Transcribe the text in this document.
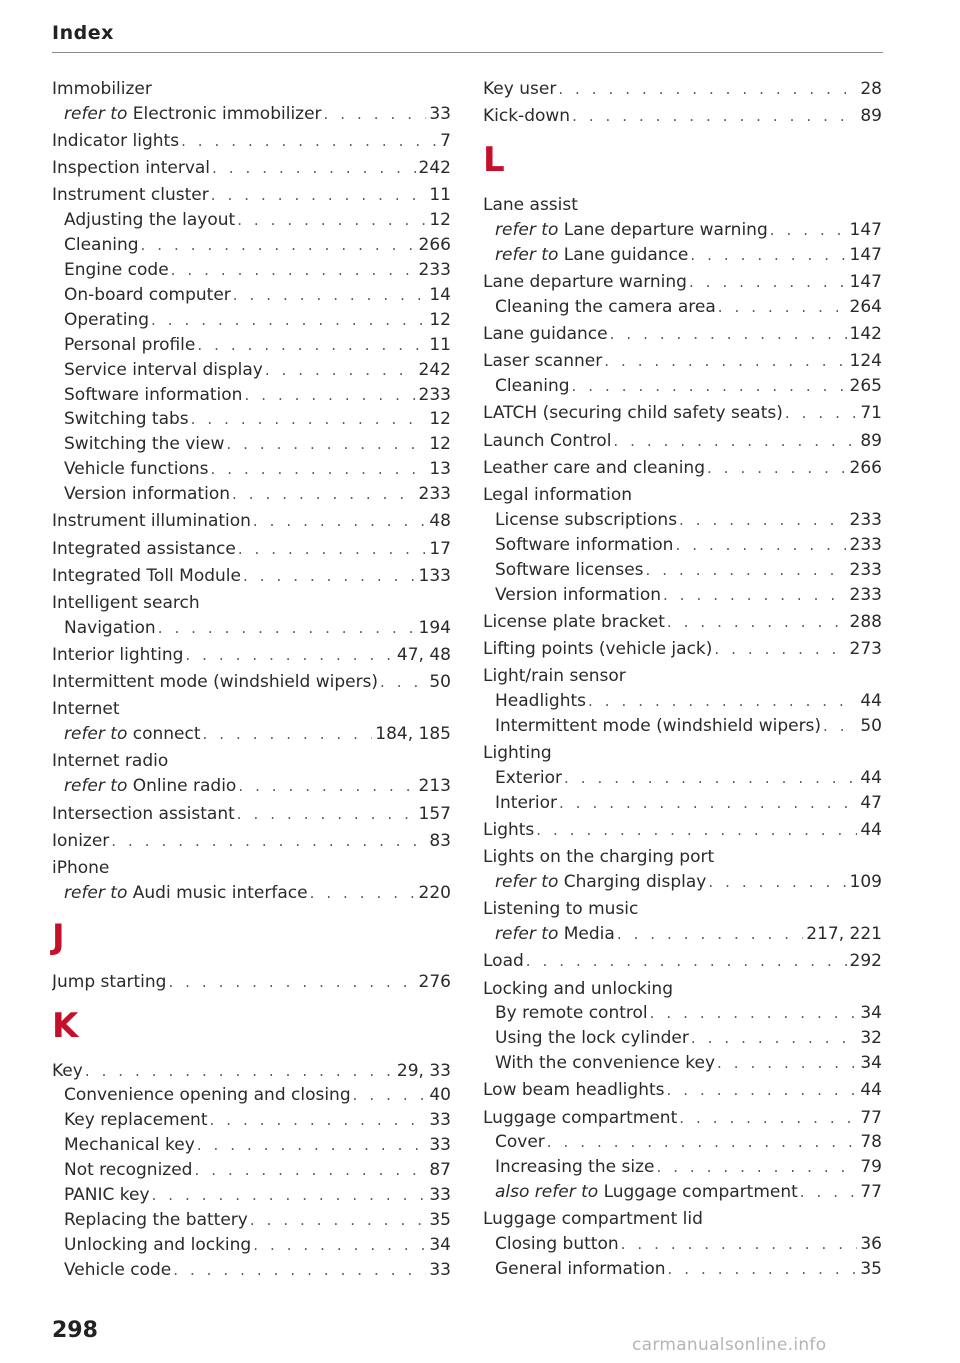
Index
Immobilizer
refer to Electronic immobilizer . . .	33
Indicator lights . . .	7
Inspection interval . . .	242
Instrument cluster . . .	11
Adjusting the layout . . .	12
Cleaning . . .	266
Engine code . . .	233
On-board computer . . .	14
Operating . . .	12
Personal profile . . .	11
Service interval display . . .	242
Software information . . .	233
Switching tabs . . .	12
Switching the view . . .	12
Vehicle functions . . .	13
Version information . . .	233
Instrument illumination . . .	48
Integrated assistance . . .	17
Integrated Toll Module . . .	133
Intelligent search
Navigation . . .	194
Interior lighting . . .	47, 48
Intermittent mode (windshield wipers) . . .	50
Internet
refer to connect . . .	184, 185
Internet radio
refer to Online radio . . .	213
Intersection assistant . . .	157
Ionizer . . .	83
iPhone
refer to Audi music interface . . .	220
J
Jump starting . . .	276
K
Key . . .	29, 33
Convenience opening and closing . . .	40
Key replacement . . .	33
Mechanical key . . .	33
Not recognized . . .	87
PANIC key . . .	33
Replacing the battery . . .	35
Unlocking and locking . . .	34
Vehicle code . . .	33
Key user . . .	28
Kick-down . . .	89
L
Lane assist
refer to Lane departure warning . . .	147
refer to Lane guidance . . .	147
Lane departure warning . . .	147
Cleaning the camera area . . .	264
Lane guidance . . .	142
Laser scanner . . .	124
Cleaning . . .	265
LATCH (securing child safety seats) . . .	71
Launch Control . . .	89
Leather care and cleaning . . .	266
Legal information
License subscriptions . . .	233
Software information . . .	233
Software licenses . . .	233
Version information . . .	233
License plate bracket . . .	288
Lifting points (vehicle jack) . . .	273
Light/rain sensor
Headlights . . .	44
Intermittent mode (windshield wipers) . . . 50
Lighting
Exterior . . .	44
Interior . . .	47
Lights . . .	44
Lights on the charging port
refer to Charging display . . .	109
Listening to music
refer to Media . . .	217, 221
Load . . .	292
Locking and unlocking
By remote control . . .	34
Using the lock cylinder . . .	32
With the convenience key . . .	34
Low beam headlights . . .	44
Luggage compartment . . .	77
Cover . . .	78
Increasing the size . . .	79
also refer to Luggage compartment . . .	77
Luggage compartment lid
Closing button . . .	36
General information . . .	35
298
carmanualsonline.info
